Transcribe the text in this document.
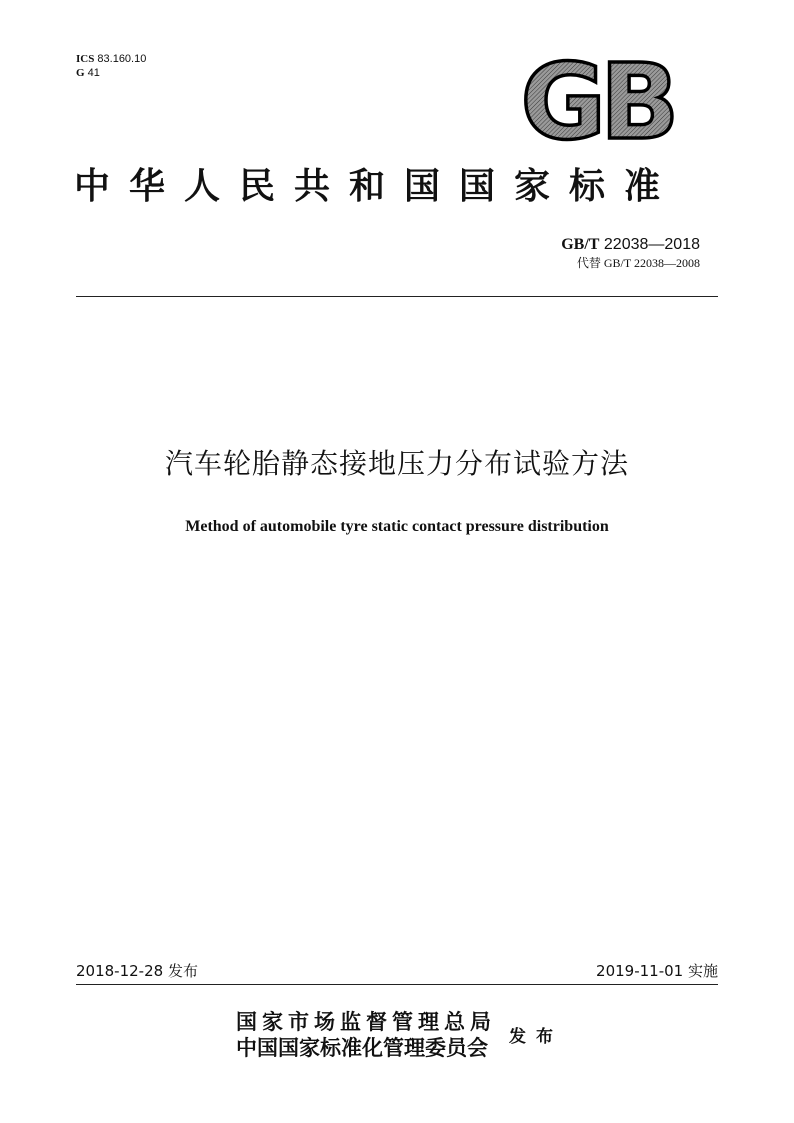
ICS 83.160.10
G 41	GB
中华人民共和国国家标准
GB/T 22038—2018
代替 GB/T 22038—2008
汽车轮胎静态接地压力分布试验方法
Method of automobile tyre static contact pressure distribution
2018-12-28 发布	2019-11-01 实施
国家市场监督管理总局
中国国家标准化管理委员会	发布
